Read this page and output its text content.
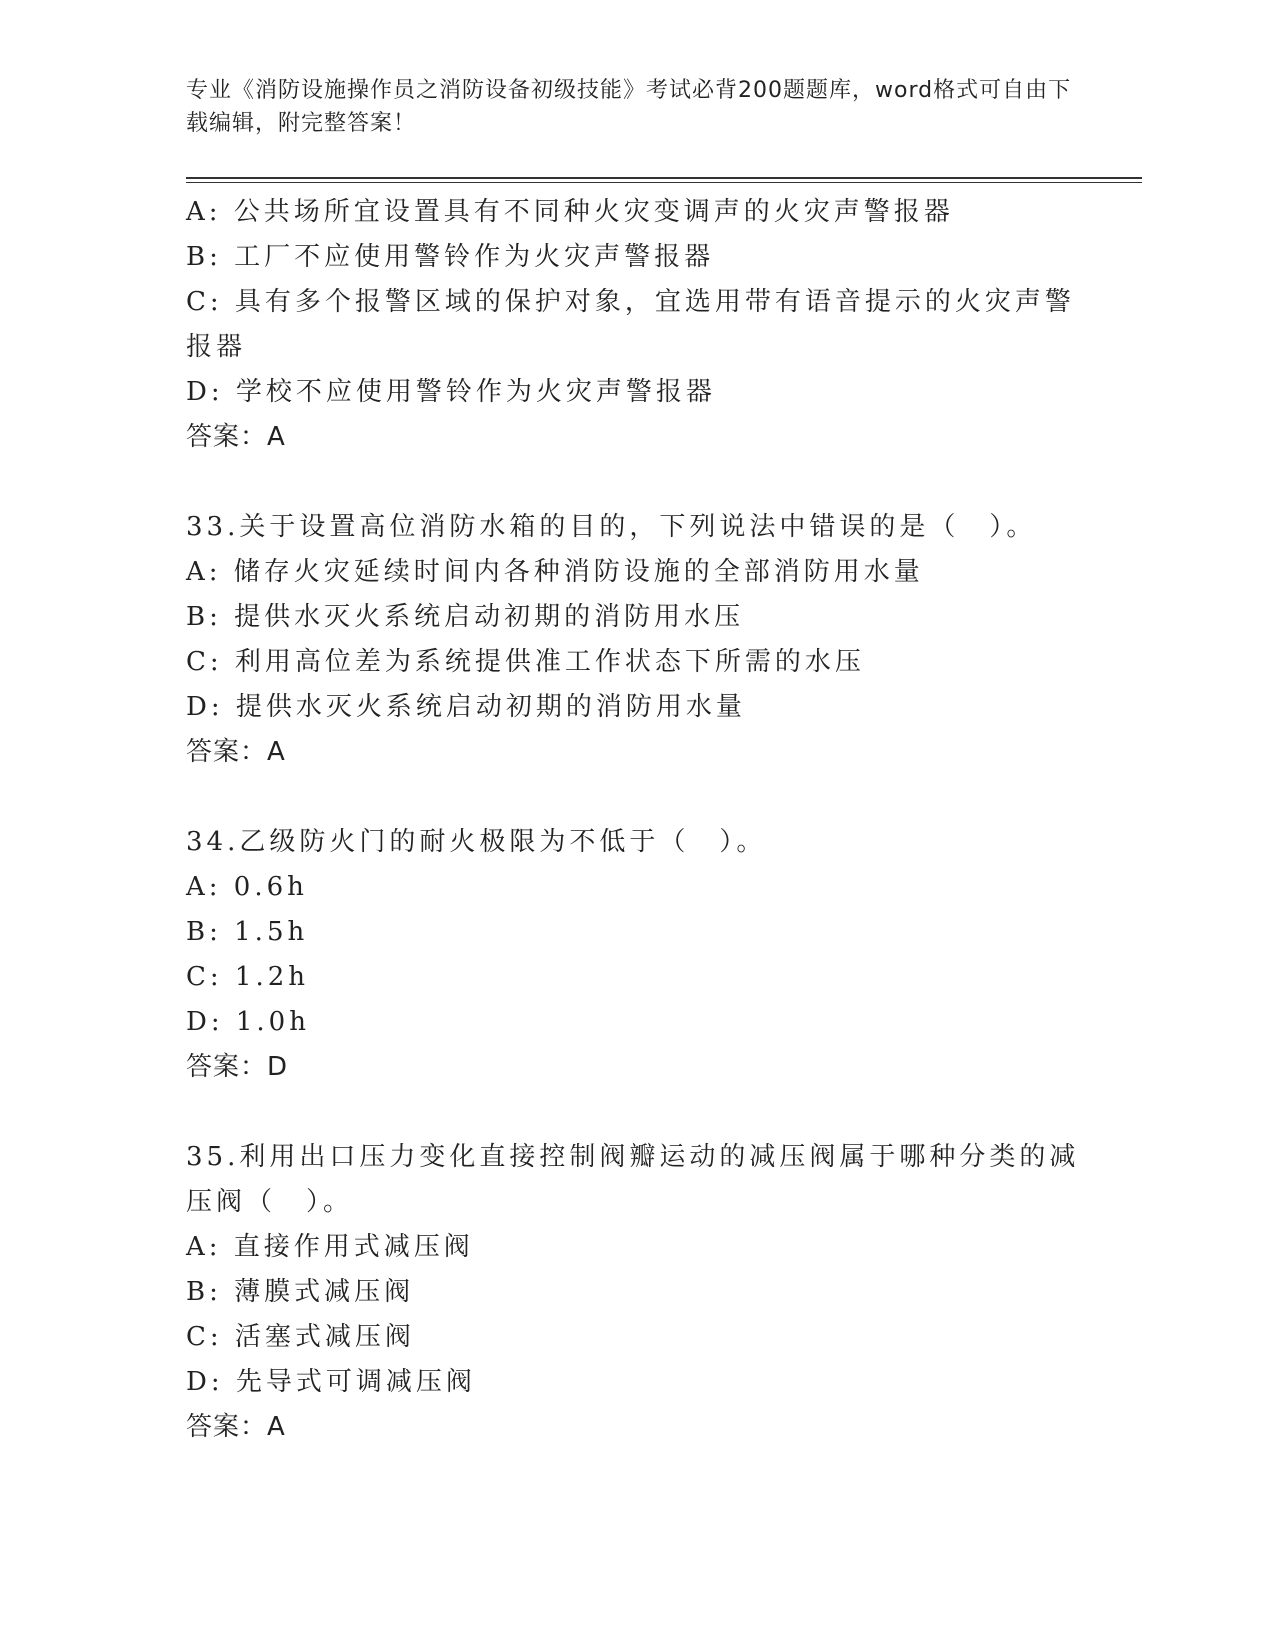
专业《消防设施操作员之消防设备初级技能》考试必背200题题库，word格式可自由下载编辑，附完整答案！
A: 公共场所宜设置具有不同种火灾变调声的火灾声警报器
B: 工厂不应使用警铃作为火灾声警报器
C: 具有多个报警区域的保护对象，宜选用带有语音提示的火灾声警报器
D: 学校不应使用警铃作为火灾声警报器
答案：A
33.关于设置高位消防水箱的目的，下列说法中错误的是（　）。
A: 储存火灾延续时间内各种消防设施的全部消防用水量
B: 提供水灭火系统启动初期的消防用水压
C: 利用高位差为系统提供准工作状态下所需的水压
D: 提供水灭火系统启动初期的消防用水量
答案：A
34.乙级防火门的耐火极限为不低于（　）。
A: 0.6h
B: 1.5h
C: 1.2h
D: 1.0h
答案：D
35.利用出口压力变化直接控制阀瓣运动的减压阀属于哪种分类的减压阀（　）。
A: 直接作用式减压阀
B: 薄膜式减压阀
C: 活塞式减压阀
D: 先导式可调减压阀
答案：A
